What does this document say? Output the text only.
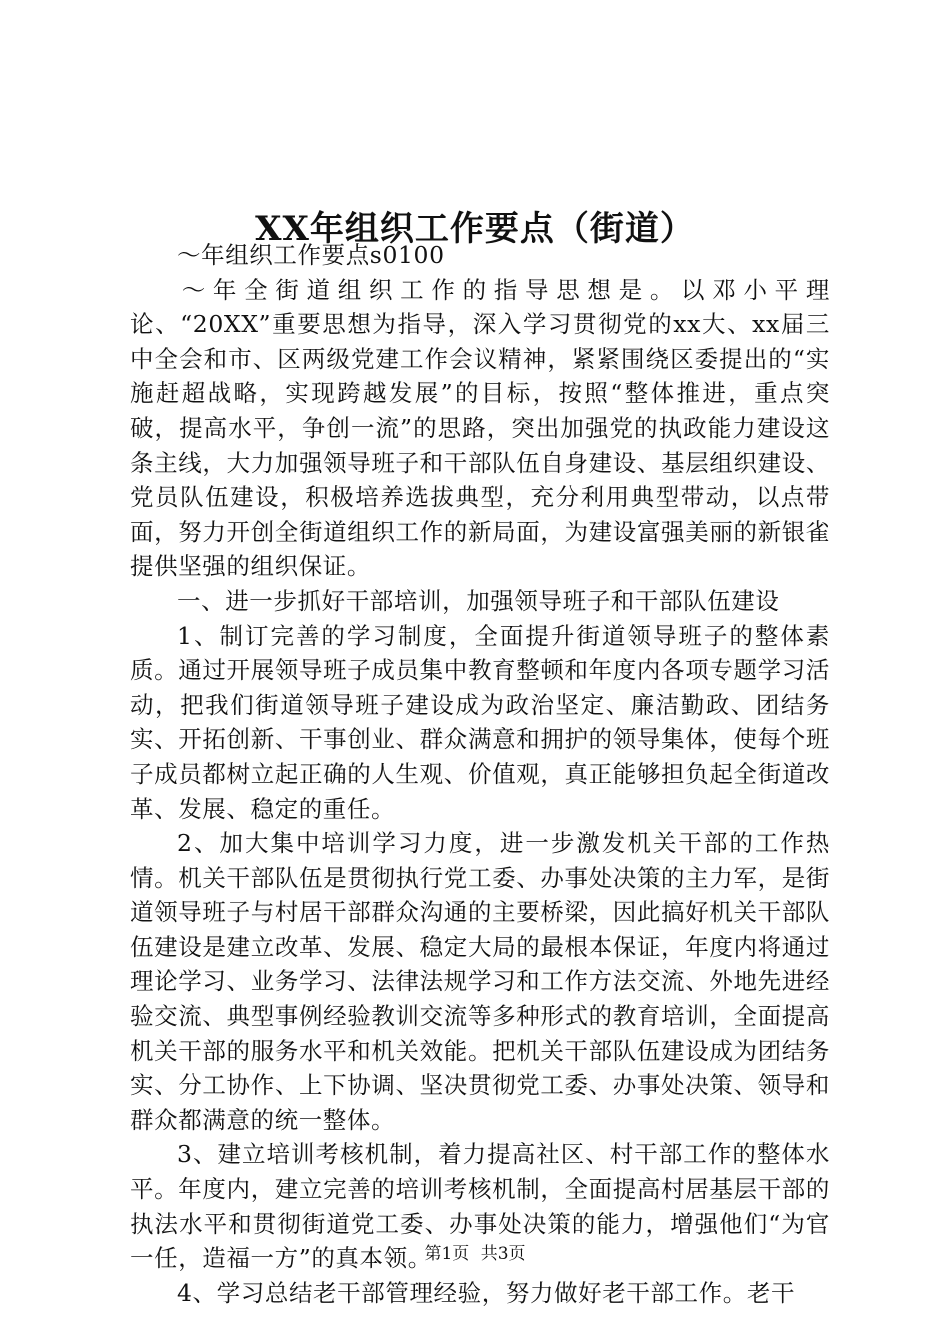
XX年组织工作要点（街道）

～年组织工作要点s0100

～年全街道组织工作的指导思想是。以邓小平理论、“20XX”重要思想为指导，深入学习贯彻党的xx大、xx届三中全会和市、区两级党建工作会议精神，紧紧围绕区委提出的“实施赶超战略，实现跨越发展”的目标，按照“整体推进，重点突破，提高水平，争创一流”的思路，突出加强党的执政能力建设这条主线，大力加强领导班子和干部队伍自身建设、基层组织建设、党员队伍建设，积极培养选拔典型，充分利用典型带动，以点带面，努力开创全街道组织工作的新局面，为建设富强美丽的新银雀提供坚强的组织保证。

一、进一步抓好干部培训，加强领导班子和干部队伍建设

1、制订完善的学习制度，全面提升街道领导班子的整体素质。通过开展领导班子成员集中教育整顿和年度内各项专题学习活动，把我们街道领导班子建设成为政治坚定、廉洁勤政、团结务实、开拓创新、干事创业、群众满意和拥护的领导集体，使每个班子成员都树立起正确的人生观、价值观，真正能够担负起全街道改革、发展、稳定的重任。

2、加大集中培训学习力度，进一步激发机关干部的工作热情。机关干部队伍是贯彻执行党工委、办事处决策的主力军，是街道领导班子与村居干部群众沟通的主要桥梁，因此搞好机关干部队伍建设是建立改革、发展、稳定大局的最根本保证，年度内将通过理论学习、业务学习、法律法规学习和工作方法交流、外地先进经验交流、典型事例经验教训交流等多种形式的教育培训，全面提高机关干部的服务水平和机关效能。把机关干部队伍建设成为团结务实、分工协作、上下协调、坚决贯彻党工委、办事处决策、领导和群众都满意的统一整体。

3、建立培训考核机制，着力提高社区、村干部工作的整体水平。年度内，建立完善的培训考核机制，全面提高村居基层干部的执法水平和贯彻街道党工委、办事处决策的能力，增强他们“为官一任，造福一方”的真本领。

4、学习总结老干部管理经验，努力做好老干部工作。老干

第1页 共3页
